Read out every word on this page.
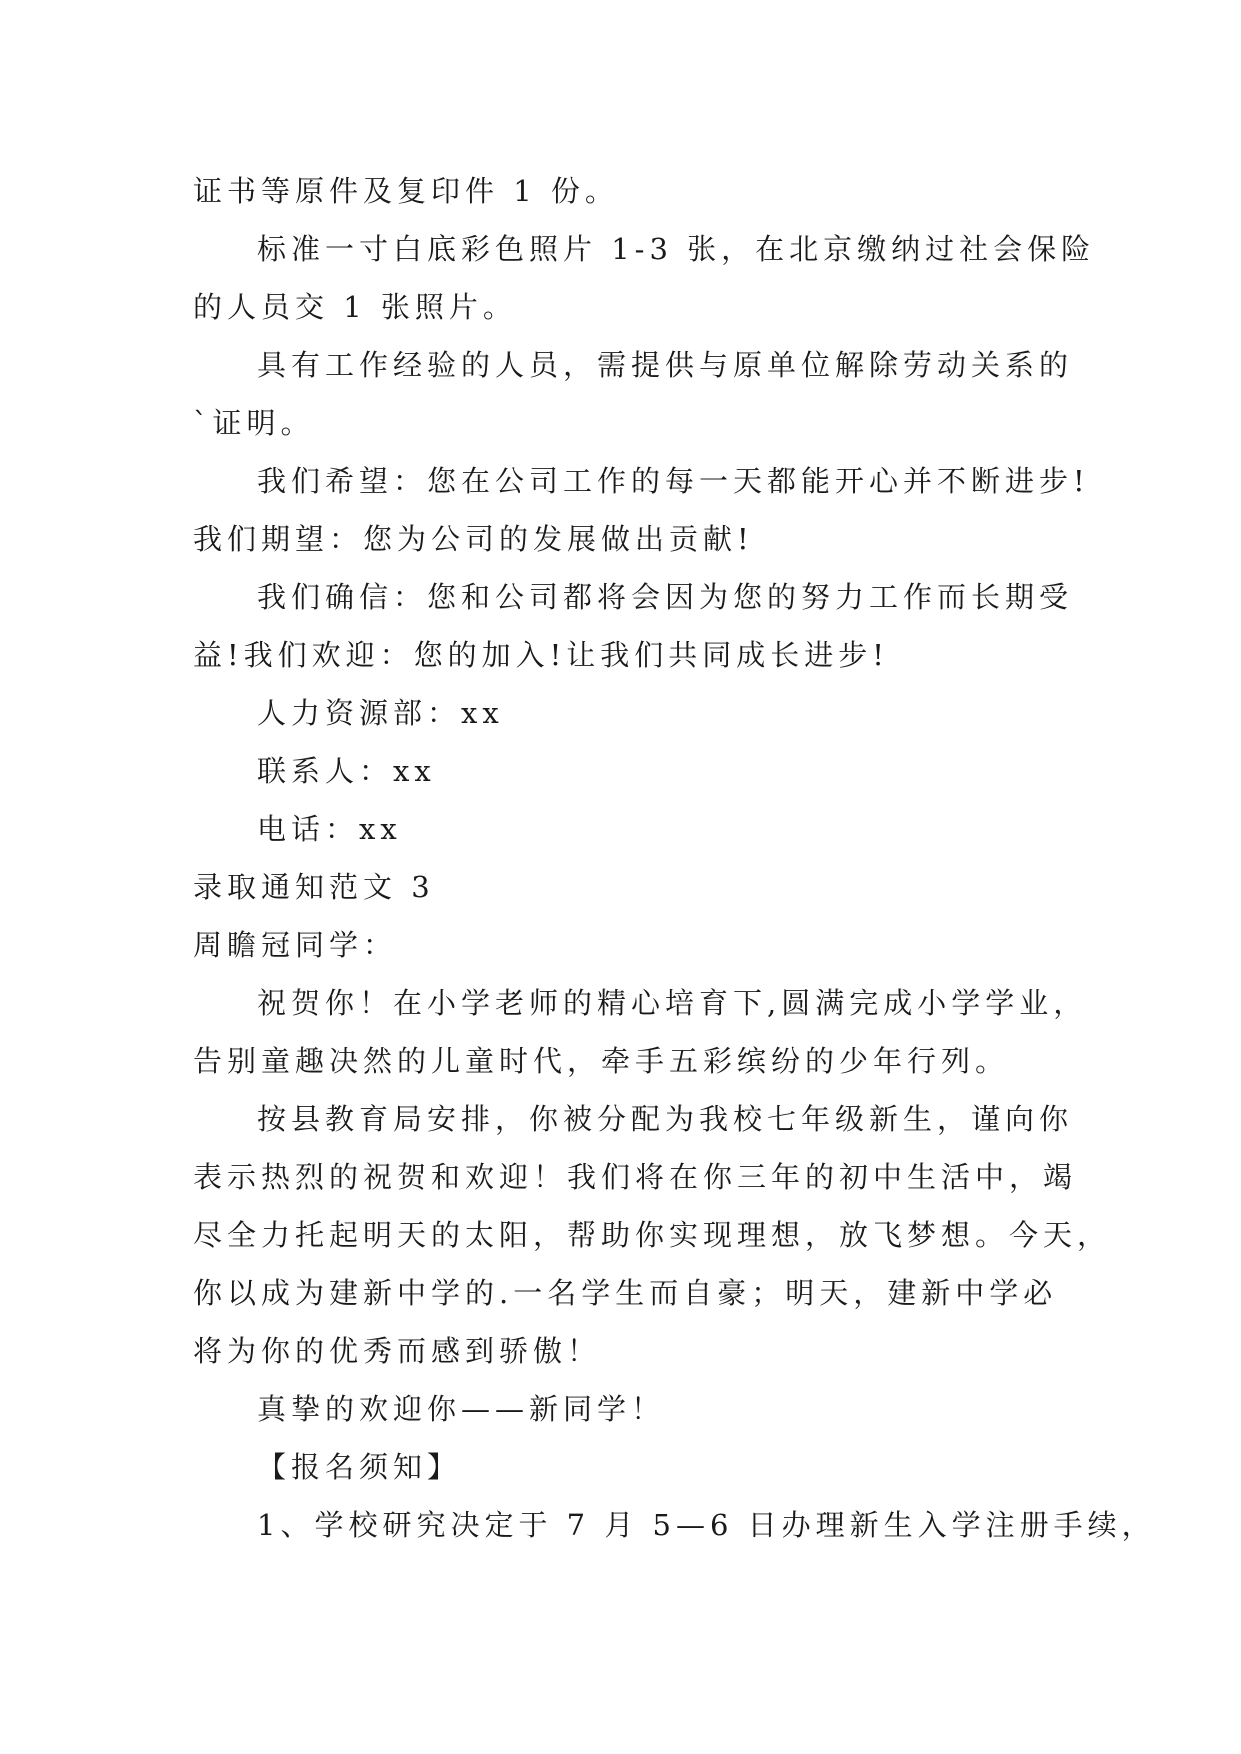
证书等原件及复印件 1 份。
标准一寸白底彩色照片 1-3 张，在北京缴纳过社会保险
的人员交 1 张照片。
具有工作经验的人员，需提供与原单位解除劳动关系的
`证明。
我们希望：您在公司工作的每一天都能开心并不断进步!
我们期望：您为公司的发展做出贡献!
我们确信：您和公司都将会因为您的努力工作而长期受
益!我们欢迎：您的加入!让我们共同成长进步!
人力资源部：xx
联系人：xx
电话：xx
录取通知范文 3
周瞻冠同学：
祝贺你！在小学老师的精心培育下,圆满完成小学学业，
告别童趣决然的儿童时代，牵手五彩缤纷的少年行列。
按县教育局安排，你被分配为我校七年级新生，谨向你
表示热烈的祝贺和欢迎！我们将在你三年的初中生活中，竭
尽全力托起明天的太阳，帮助你实现理想，放飞梦想。今天，
你以成为建新中学的.一名学生而自豪；明天，建新中学必
将为你的优秀而感到骄傲！
真挚的欢迎你——新同学！
【报名须知】
1、学校研究决定于 7 月 5—6 日办理新生入学注册手续，
